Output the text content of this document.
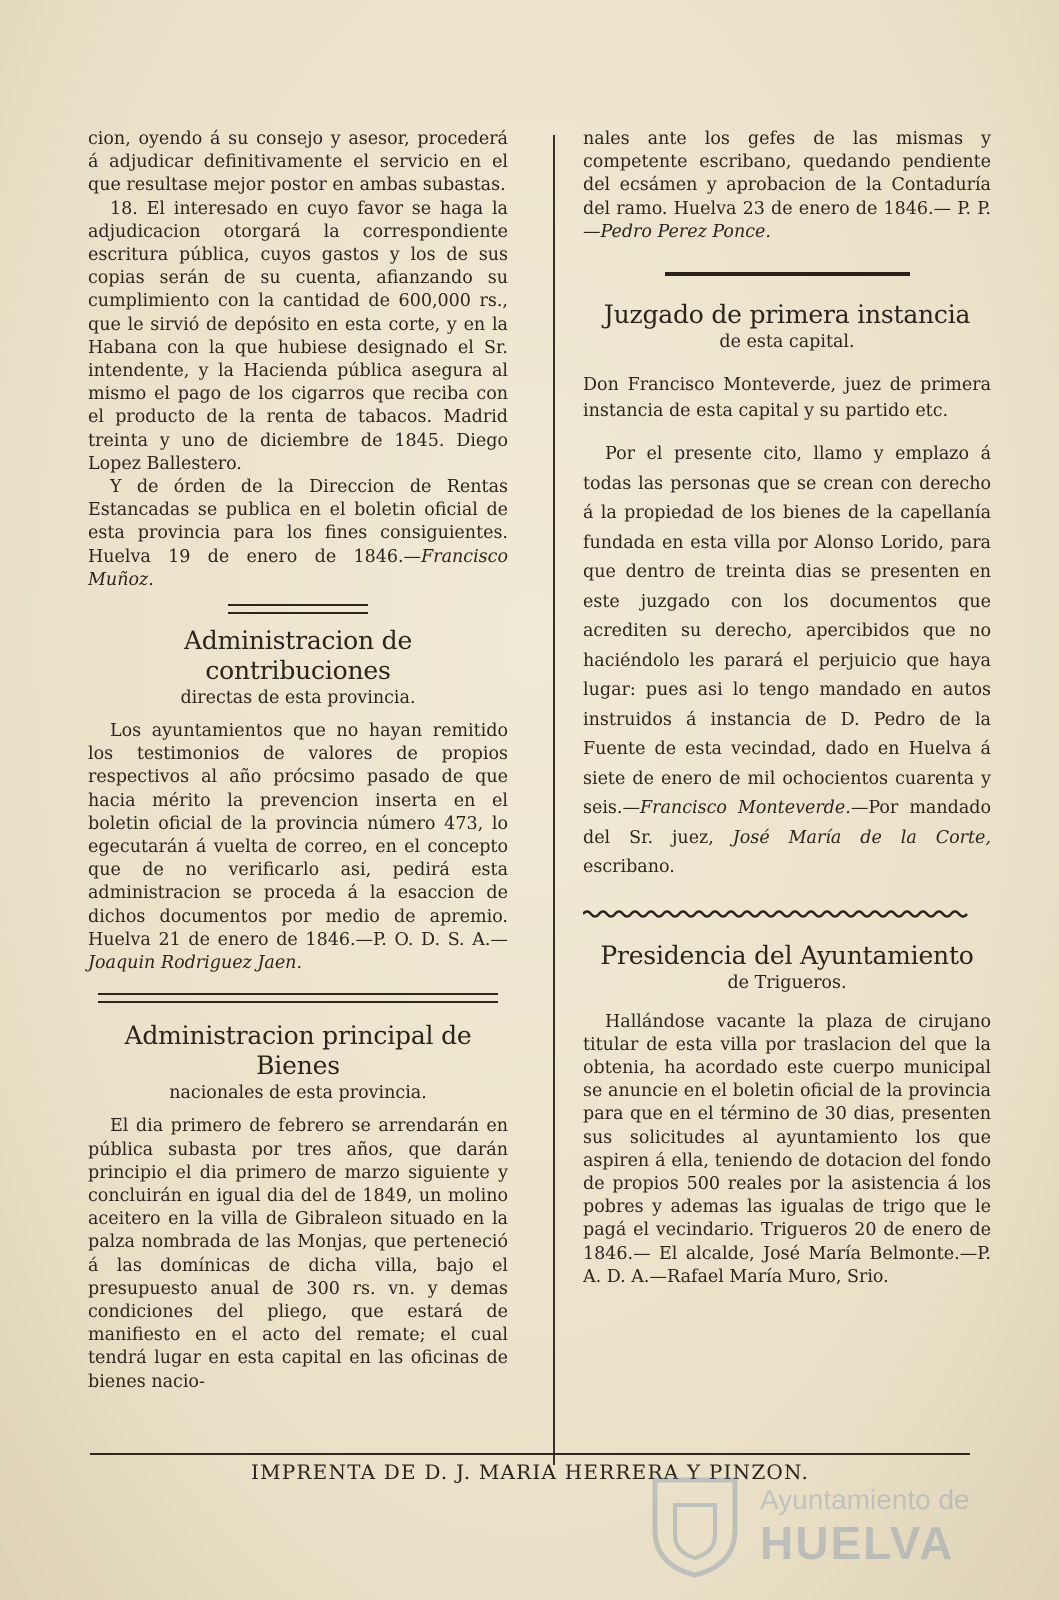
cion, oyendo á su consejo y asesor, procederá á adjudicar definitivamente el servicio en el que resultase mejor postor en ambas subastas.

18. El interesado en cuyo favor se haga la adjudicacion otorgará la correspondiente escritura pública, cuyos gastos y los de sus copias serán de su cuenta, afianzando su cumplimiento con la cantidad de 600,000 rs., que le sirvió de depósito en esta corte, y en la Habana con la que hubiese designado el Sr. intendente, y la Hacienda pública asegura al mismo el pago de los cigarros que reciba con el producto de la renta de tabacos. Madrid treinta y uno de diciembre de 1845. Diego Lopez Ballestero.

Y de órden de la Direccion de Rentas Estancadas se publica en el boletin oficial de esta provincia para los fines consiguientes. Huelva 19 de enero de 1846.—Francisco Muñoz.

Administracion de contribuciones
directas de esta provincia.

Los ayuntamientos que no hayan remitido los testimonios de valores de propios respectivos al año prócsimo pasado de que hacia mérito la prevencion inserta en el boletin oficial de la provincia número 473, lo egecutarán á vuelta de correo, en el concepto que de no verificarlo asi, pedirá esta administracion se proceda á la esaccion de dichos documentos por medio de apremio. Huelva 21 de enero de 1846.—P. O. D. S. A.—Joaquin Rodriguez Jaen.

Administracion principal de Bienes
nacionales de esta provincia.

El dia primero de febrero se arrendarán en pública subasta por tres años, que darán principio el dia primero de marzo siguiente y concluirán en igual dia del de 1849, un molino aceitero en la villa de Gibraleon situado en la palza nombrada de las Monjas, que perteneció á las domínicas de dicha villa, bajo el presupuesto anual de 300 rs. vn. y demas condiciones del pliego, que estará de manifiesto en el acto del remate; el cual tendrá lugar en esta capital en las oficinas de bienes nacio-

nales ante los gefes de las mismas y competente escribano, quedando pendiente del ecsámen y aprobacion de la Contaduría del ramo. Huelva 23 de enero de 1846.— P. P.—Pedro Perez Ponce.

Juzgado de primera instancia
de esta capital.

Don Francisco Monteverde, juez de primera instancia de esta capital y su partido etc.

Por el presente cito, llamo y emplazo á todas las personas que se crean con derecho á la propiedad de los bienes de la capellanía fundada en esta villa por Alonso Lorido, para que dentro de treinta dias se presenten en este juzgado con los documentos que acrediten su derecho, apercibidos que no haciéndolo les parará el perjuicio que haya lugar: pues asi lo tengo mandado en autos instruidos á instancia de D. Pedro de la Fuente de esta vecindad, dado en Huelva á siete de enero de mil ochocientos cuarenta y seis.—Francisco Monteverde.—Por mandado del Sr. juez, José María de la Corte, escribano.

Presidencia del Ayuntamiento
de Trigueros.

Hallándose vacante la plaza de cirujano titular de esta villa por traslacion del que la obtenia, ha acordado este cuerpo municipal se anuncie en el boletin oficial de la provincia para que en el término de 30 dias, presenten sus solicitudes al ayuntamiento los que aspiren á ella, teniendo de dotacion del fondo de propios 500 reales por la asistencia á los pobres y ademas las igualas de trigo que le pagá el vecindario. Trigueros 20 de enero de 1846.— El alcalde, José María Belmonte.—P. A. D. A.—Rafael María Muro, Srio.

IMPRENTA DE D. J. MARIA HERRERA Y PINZON.
Ayuntamiento de
HUELVA
